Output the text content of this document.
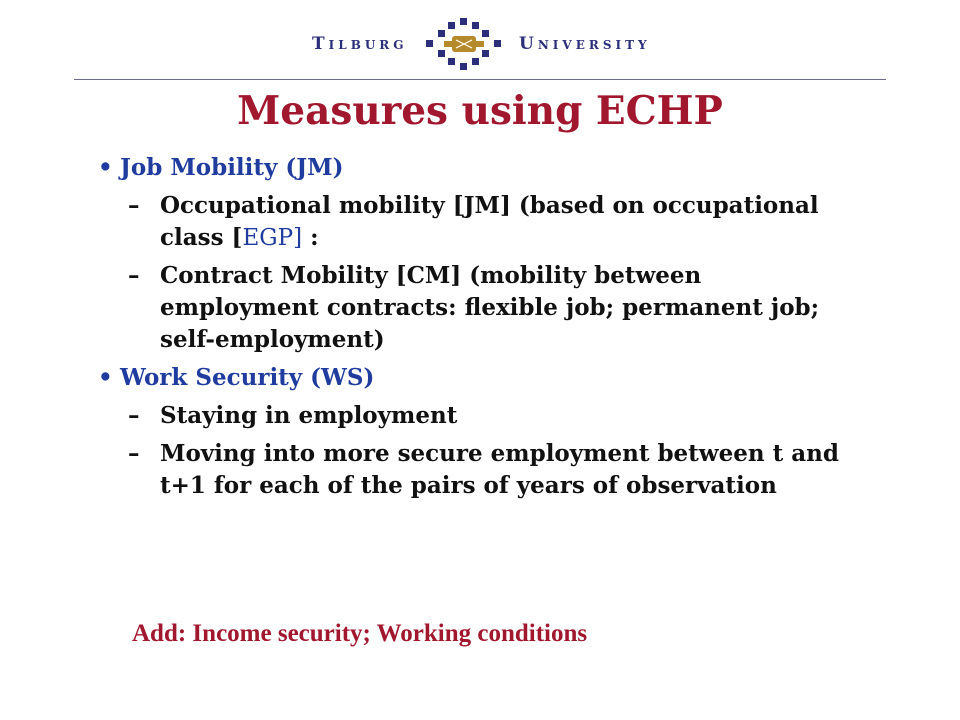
Tilburg	University
Measures using ECHP
• Job Mobility (JM)
– Occupational mobility [JM] (based on occupational class [EGP] :
– Contract Mobility [CM] (mobility between employment contracts: flexible job; permanent job; self-employment)
• Work Security (WS)
– Staying in employment
– Moving into more secure employment between t and t+1 for each of the pairs of years of observation
Add: Income security; Working conditions
